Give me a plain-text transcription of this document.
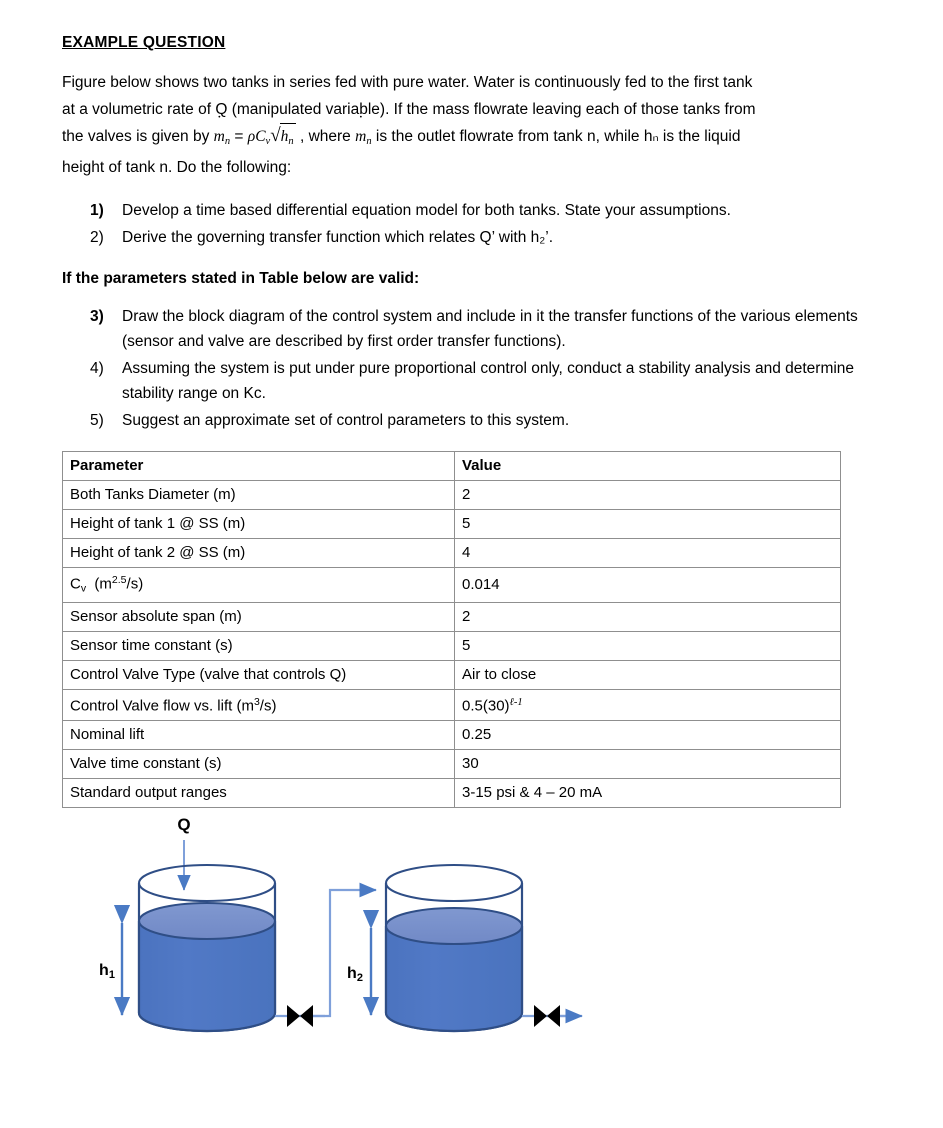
EXAMPLE QUESTION

Figure below shows two tanks in series fed with pure water. Water is continuously fed to the first tank
at a volumetric rate of Q (manipulated variable). If the mass flowrate leaving each of those tanks from
the valves is given by ˙ $m_n = \rho C_v√h_n$ , where ˙ $m_n$ is the outlet flowrate from tank n, while hₙ is the liquid
height of tank n. Do the following:

1) Develop a time based differential equation model for both tanks. State your assumptions.
2) Derive the governing transfer function which relates Q’ with h₂’.

If the parameters stated in Table below are valid:

3) Draw the block diagram of the control system and include in it the transfer functions of the various elements (sensor and valve are described by first order transfer functions).
4) Assuming the system is put under pure proportional control only, conduct a stability analysis and determine stability range on Kc.
5) Suggest an approximate set of control parameters to this system.
Parameter	Value
Both Tanks Diameter (m)	2
Height of tank 1 @ SS (m)	5
Height of tank 2 @ SS (m)	4
$C_v$  $(m^{2.5}/s)$	0.014
Sensor absolute span (m)	2
Sensor time constant (s)	5
Control Valve Type (valve that controls Q)	Air to close
Control Valve flow vs. lift $(m^3/s)$	$0.5(30)^{\ell-1}$
Nominal lift	0.25
Valve time constant (s)	30
Standard output ranges	3-15 psi & 4 – 20 mA
Q
h1	h2
